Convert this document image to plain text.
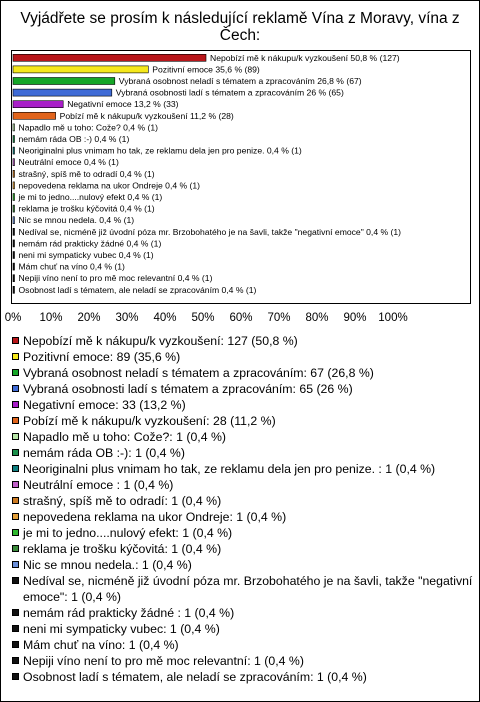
Vyjádřete se prosím k následující reklamě Vína z Moravy, vína z Čech:
Nepobízí mě k nákupu/k vyzkoušení 50,8 % (127)
Pozitivní emoce 35,6 % (89)
Vybraná osobnost neladí s tématem a zpracováním 26,8 % (67)
Vybraná osobnosti ladí s tématem a zpracováním 26 % (65)
Negativní emoce 13,2 % (33)
Pobízí mě k nákupu/k vyzkoušení 11,2 % (28)
Napadlo mě u toho: Cože? 0,4 % (1)
nemám ráda OB :-) 0,4 % (1)
Neoriginalni plus vnimam ho tak, ze reklamu dela jen pro penize. 0,4 % (1)
Neutrální emoce 0,4 % (1)
strašný, spíš mě to odradí 0,4 % (1)
nepovedena reklama na ukor Ondreje 0,4 % (1)
je mi to jedno....nulový efekt 0,4 % (1)
reklama je trošku kýčovitá 0,4 % (1)
Nic se mnou nedela. 0,4 % (1)
Nedíval se, nicméně již úvodní póza mr. Brzobohatého je na šavli, takže "negativní emoce" 0,4 % (1)
nemám rád prakticky žádné 0,4 % (1)
neni mi sympaticky vubec 0,4 % (1)
Mám chuť na víno 0,4 % (1)
Nepiji víno není to pro mě moc relevantní 0,4 % (1)
Osobnost ladí s tématem, ale neladí se zpracováním 0,4 % (1)
0% 10% 20% 30% 40% 50% 60% 70% 80% 90% 100%
Nepobízí mě k nákupu/k vyzkoušení: 127 (50,8 %)
Pozitivní emoce: 89 (35,6 %)
Vybraná osobnost neladí s tématem a zpracováním: 67 (26,8 %)
Vybraná osobnosti ladí s tématem a zpracováním: 65 (26 %)
Negativní emoce: 33 (13,2 %)
Pobízí mě k nákupu/k vyzkoušení: 28 (11,2 %)
Napadlo mě u toho: Cože?: 1 (0,4 %)
nemám ráda OB :-): 1 (0,4 %)
Neoriginalni plus vnimam ho tak, ze reklamu dela jen pro penize. : 1 (0,4 %)
Neutrální emoce : 1 (0,4 %)
strašný, spíš mě to odradí: 1 (0,4 %)
nepovedena reklama na ukor Ondreje: 1 (0,4 %)
je mi to jedno....nulový efekt: 1 (0,4 %)
reklama je trošku kýčovitá: 1 (0,4 %)
Nic se mnou nedela.: 1 (0,4 %)
Nedíval se, nicméně již úvodní póza mr. Brzobohatého je na šavli, takže "negativní emoce": 1 (0,4 %)
nemám rád prakticky žádné : 1 (0,4 %)
neni mi sympaticky vubec: 1 (0,4 %)
Mám chuť na víno: 1 (0,4 %)
Nepiji víno není to pro mě moc relevantní: 1 (0,4 %)
Osobnost ladí s tématem, ale neladí se zpracováním: 1 (0,4 %)
